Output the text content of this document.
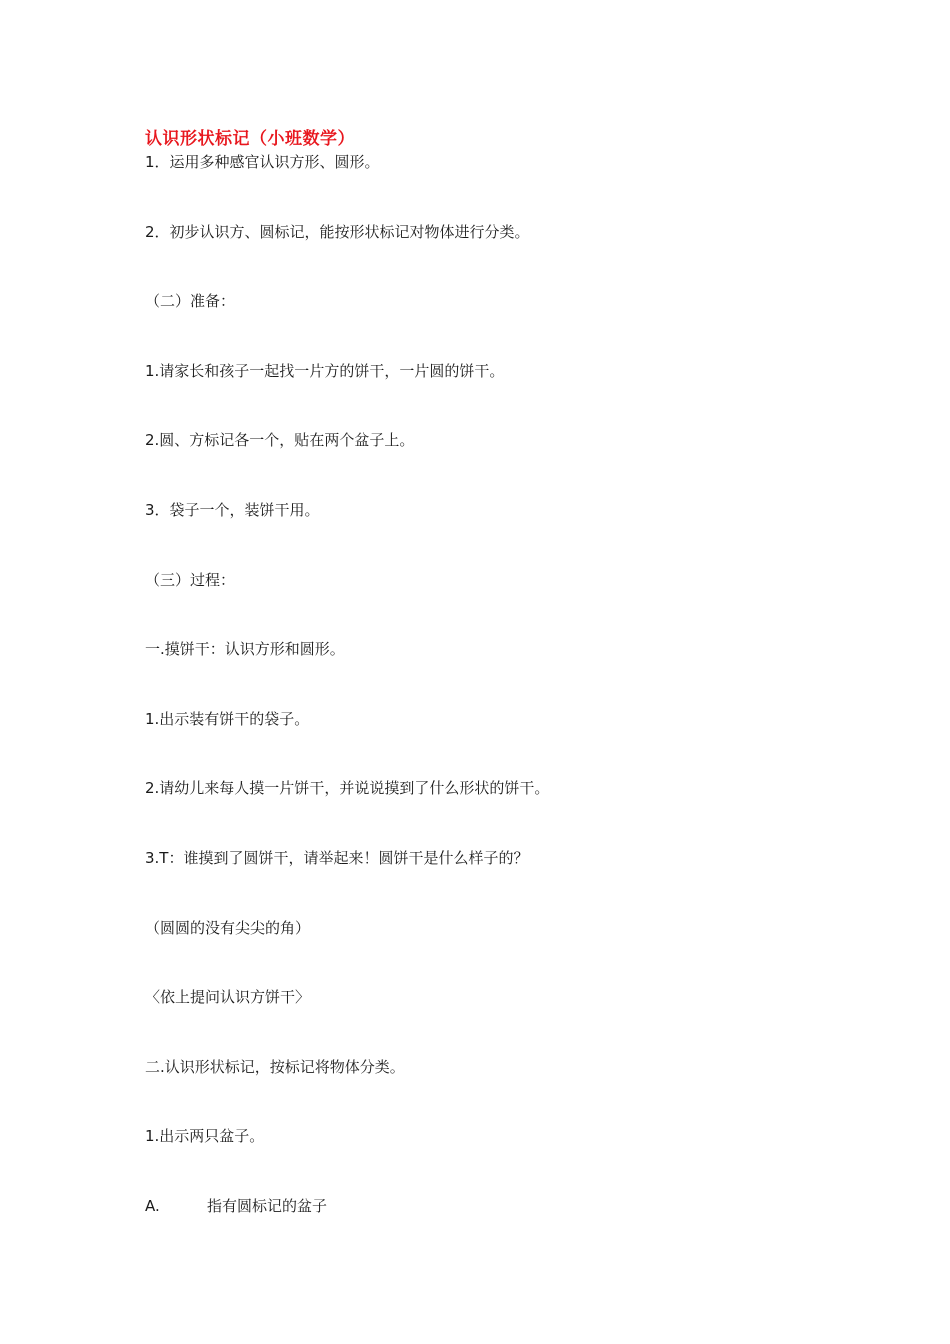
认识形状标记（小班数学）
1．运用多种感官认识方形、圆形。
2．初步认识方、圆标记，能按形状标记对物体进行分类。
（二）准备：
1.请家长和孩子一起找一片方的饼干，一片圆的饼干。
2.圆、方标记各一个，贴在两个盆子上。
3．袋子一个，装饼干用。
（三）过程：
一.摸饼干：认识方形和圆形。
1.出示装有饼干的袋子。
2.请幼儿来每人摸一片饼干，并说说摸到了什么形状的饼干。
3.T：谁摸到了圆饼干，请举起来！圆饼干是什么样子的？
（圆圆的没有尖尖的角）
〈依上提问认识方饼干〉
二.认识形状标记，按标记将物体分类。
1.出示两只盆子。
A.	指有圆标记的盆子
